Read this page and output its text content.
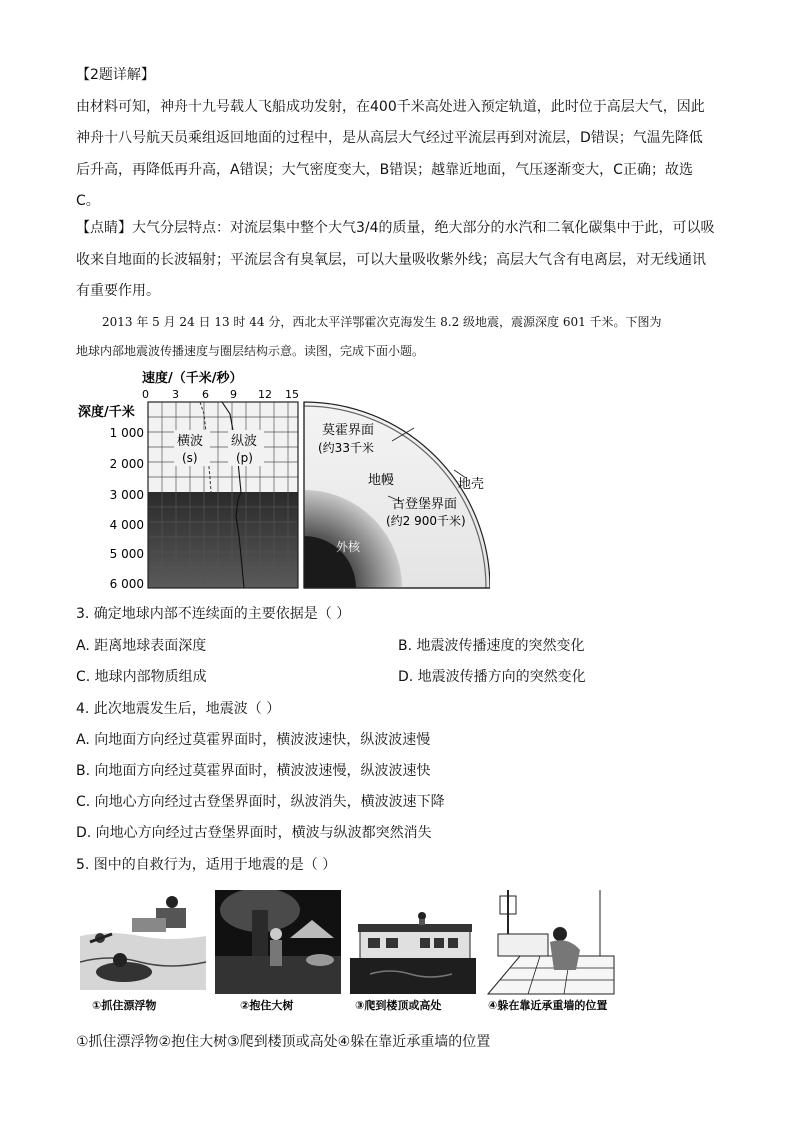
【2题详解】
由材料可知，神舟十九号载人飞船成功发射，在400千米高处进入预定轨道，此时位于高层大气，因此
神舟十八号航天员乘组返回地面的过程中，是从高层大气经过平流层再到对流层，D错误；气温先降低
后升高，再降低再升高，A错误；大气密度变大，B错误；越靠近地面，气压逐渐变大，C正确；故选
C。
【点睛】大气分层特点：对流层集中整个大气3/4的质量，绝大部分的水汽和二氧化碳集中于此，可以吸
收来自地面的长波辐射；平流层含有臭氧层，可以大量吸收紫外线；高层大气含有电离层，对无线通讯
有重要作用。
2013 年 5 月 24 日 13 时 44 分，西北太平洋鄂霍次克海发生 8.2 级地震，震源深度 601 千米。下图为
地球内部地震波传播速度与圈层结构示意。读图，完成下面小题。
速度/（千米/秒）
深度/千米
0 3 6 9 12 15
1 000
2 000
3 000
4 000
5 000
6 000
横波
(s)
纵波
(p)
莫霍界面
(约33千米
地幔	地壳
古登堡界面
(约2 900千米)
外核
3. 确定地球内部不连续面的主要依据是（ ）
A. 距离地球表面深度	B. 地震波传播速度的突然变化
C. 地球内部物质组成	D. 地震波传播方向的突然变化
4. 此次地震发生后，地震波（ ）
A. 向地面方向经过莫霍界面时，横波波速快，纵波波速慢
B. 向地面方向经过莫霍界面时，横波波速慢，纵波波速快
C. 向地心方向经过古登堡界面时，纵波消失，横波波速下降
D. 向地心方向经过古登堡界面时，横波与纵波都突然消失
5. 图中的自救行为，适用于地震的是（ ）
①抓住漂浮物	②抱住大树	③爬到楼顶或高处	④躲在靠近承重墙的位置
①抓住漂浮物②抱住大树③爬到楼顶或高处④躲在靠近承重墙的位置
